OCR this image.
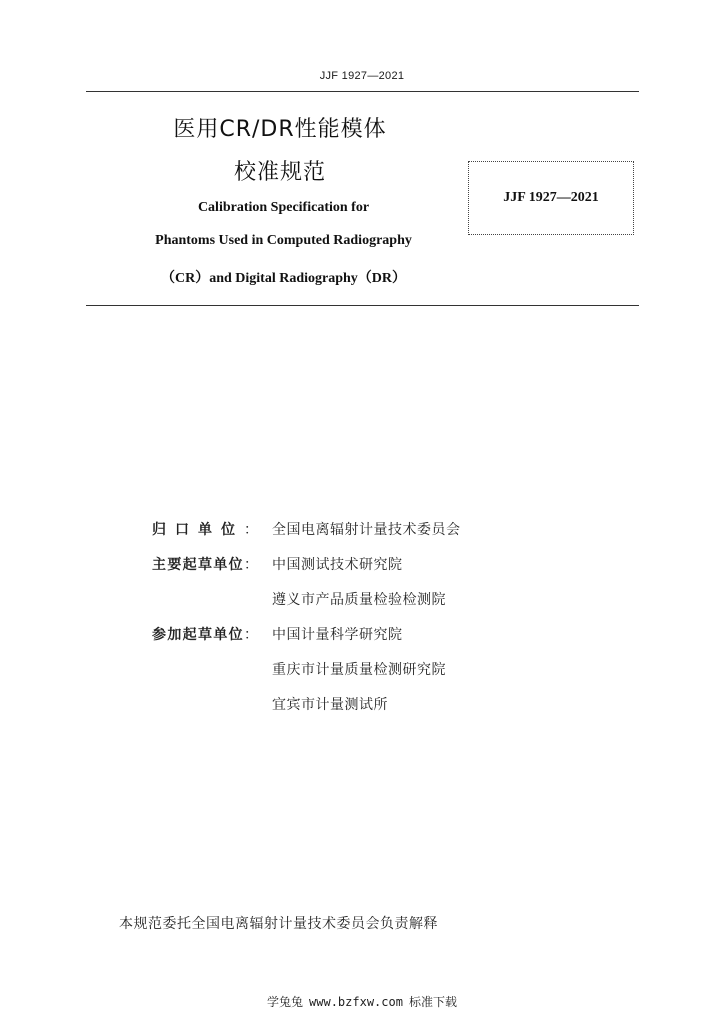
JJF 1927—2021
医用CR/DR性能模体
校准规范
Calibration Specification for
Phantoms Used in Computed Radiography
（CR）and Digital Radiography（DR）
JJF 1927—2021
归 口 单 位 ： 全国电离辐射计量技术委员会
主 要 起 草 单 位 ： 中国测试技术研究院
遵义市产品质量检验检测院
参 加 起 草 单 位 ： 中国计量科学研究院
重庆市计量质量检测研究院
宜宾市计量测试所
本规范委托全国电离辐射计量技术委员会负责解释
学兔兔 www.bzfxw.com 标准下载
